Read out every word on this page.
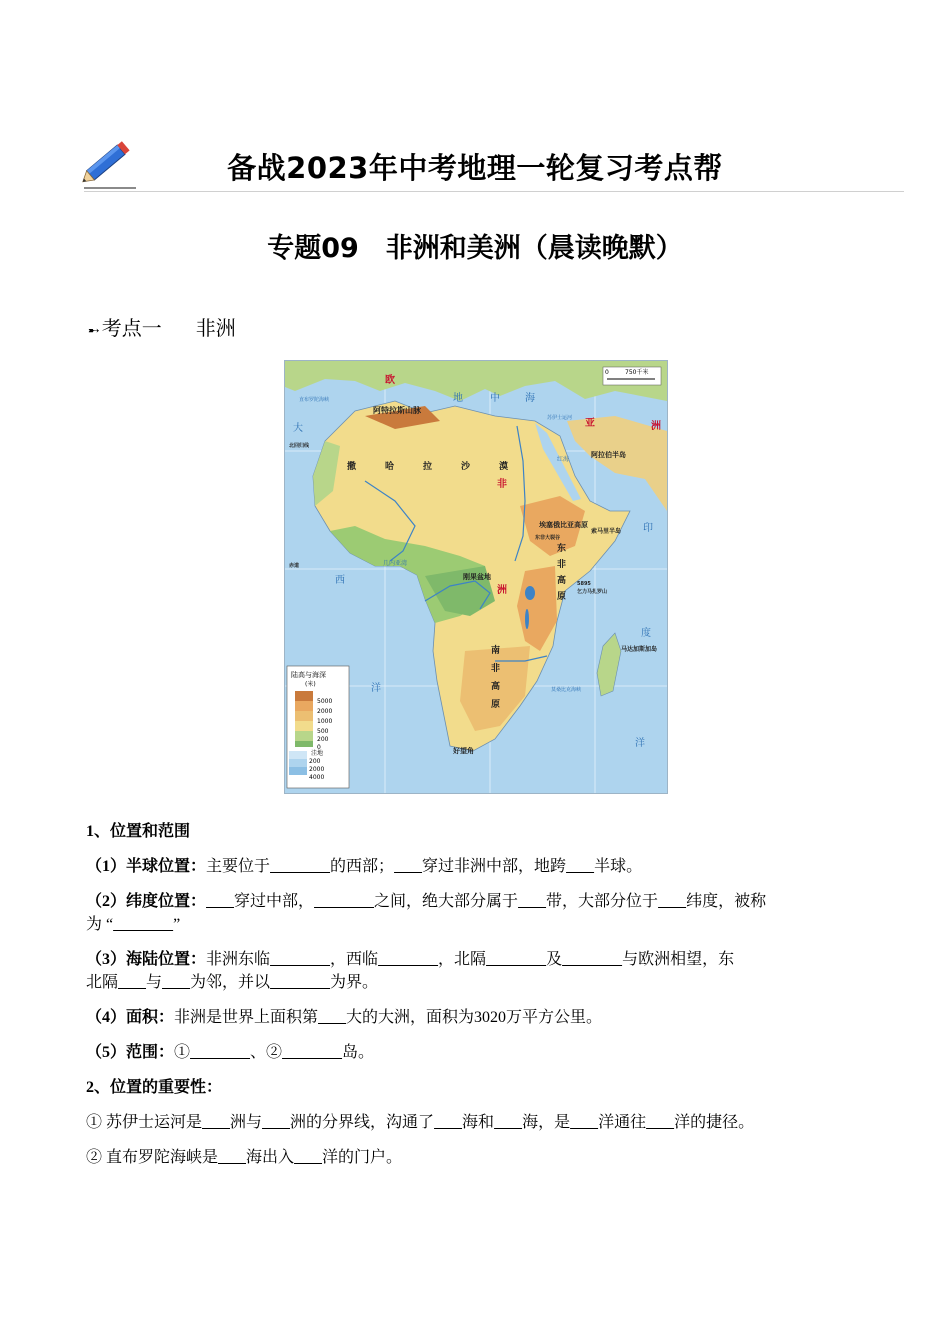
备战2023年中考地理一轮复习考点帮
专题09　非洲和美洲（晨读晚默）
➸ 考点一 非洲
0	750千米
欧
亚	洲
非
洲
地	中	海
大
西
洋
印
度
洋
几内亚湾
红海
莫桑比克海峡
直布罗陀海峡
苏伊士运河
阿特拉斯山脉
撒	哈	拉	沙	漠
阿拉伯半岛
埃塞俄比亚高原
索马里半岛
东
非
高
原
东非大裂谷
5895
乞力马扎罗山
刚果盆地
南
非
高
原
马达加斯加岛
好望角
北回归线
赤道
陆高与海深
(米)
5000
2000
1000
500
200
0
洼地
200
2000
4000

1、位置和范围

（1）半球位置：主要位于	的西部； 穿过非洲中部，地跨 半球。

（2）纬度位置： 穿过中部，	之间，绝大部分属于 带，大部分位于 纬度，被称
为 “	”

（3）海陆位置：非洲东临	，西临	，北隔	及	与欧洲相望，东
北隔 与 为邻，并以	为界。

（4）面积：非洲是世界上面积第 大的大洲，面积为3020万平方公里。

（5）范围：①	、②	岛。

2、位置的重要性：

① 苏伊士运河是 洲与 洲的分界线，沟通了 海和 海，是 洋通往 洋的捷径。

② 直布罗陀海峡是 海出入 洋的门户。
